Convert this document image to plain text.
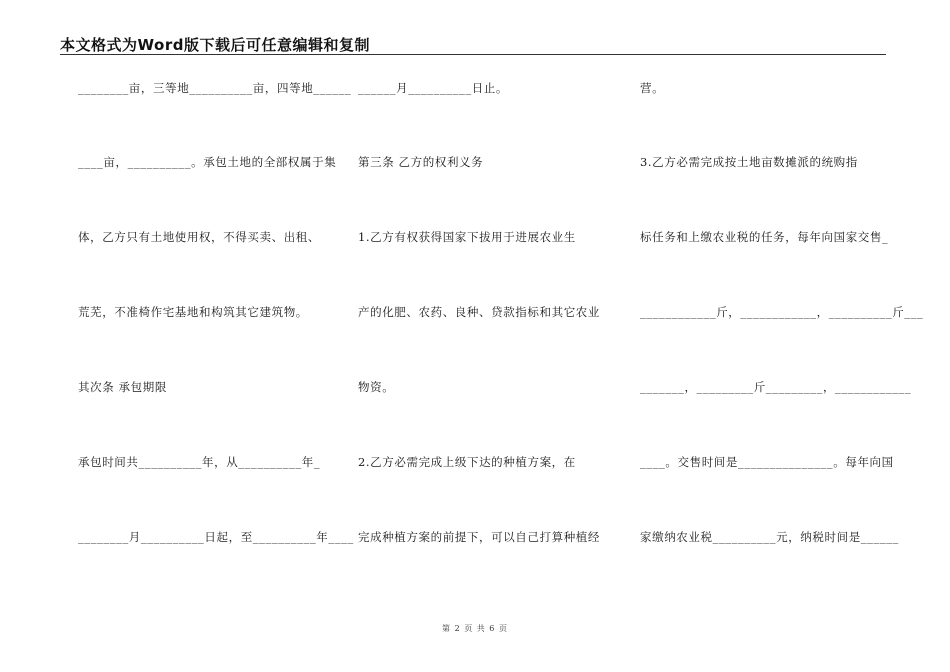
本文格式为Word版下载后可任意编辑和复制
________亩，三等地__________亩，四等地______
____亩，__________。承包土地的全部权属于集
体，乙方只有土地使用权，不得买卖、出租、
荒芜，不准椅作宅基地和构筑其它建筑物。
其次条 承包期限
承包时间共__________年，从__________年_
________月__________日起，至__________年____
______月__________日止。
第三条 乙方的权利义务
1.乙方有权获得国家下拔用于进展农业生
产的化肥、农药、良种、贷款指标和其它农业
物资。
2.乙方必需完成上级下达的种植方案，在
完成种植方案的前提下，可以自己打算种植经
营。
3.乙方必需完成按土地亩数摊派的统购指
标任务和上缴农业税的任务，每年向国家交售_
____________斤，____________，__________斤___
_______，_________斤_________，____________
____。交售时间是_______________。每年向国
家缴纳农业税__________元，纳税时间是______
第 2 页 共 6 页
